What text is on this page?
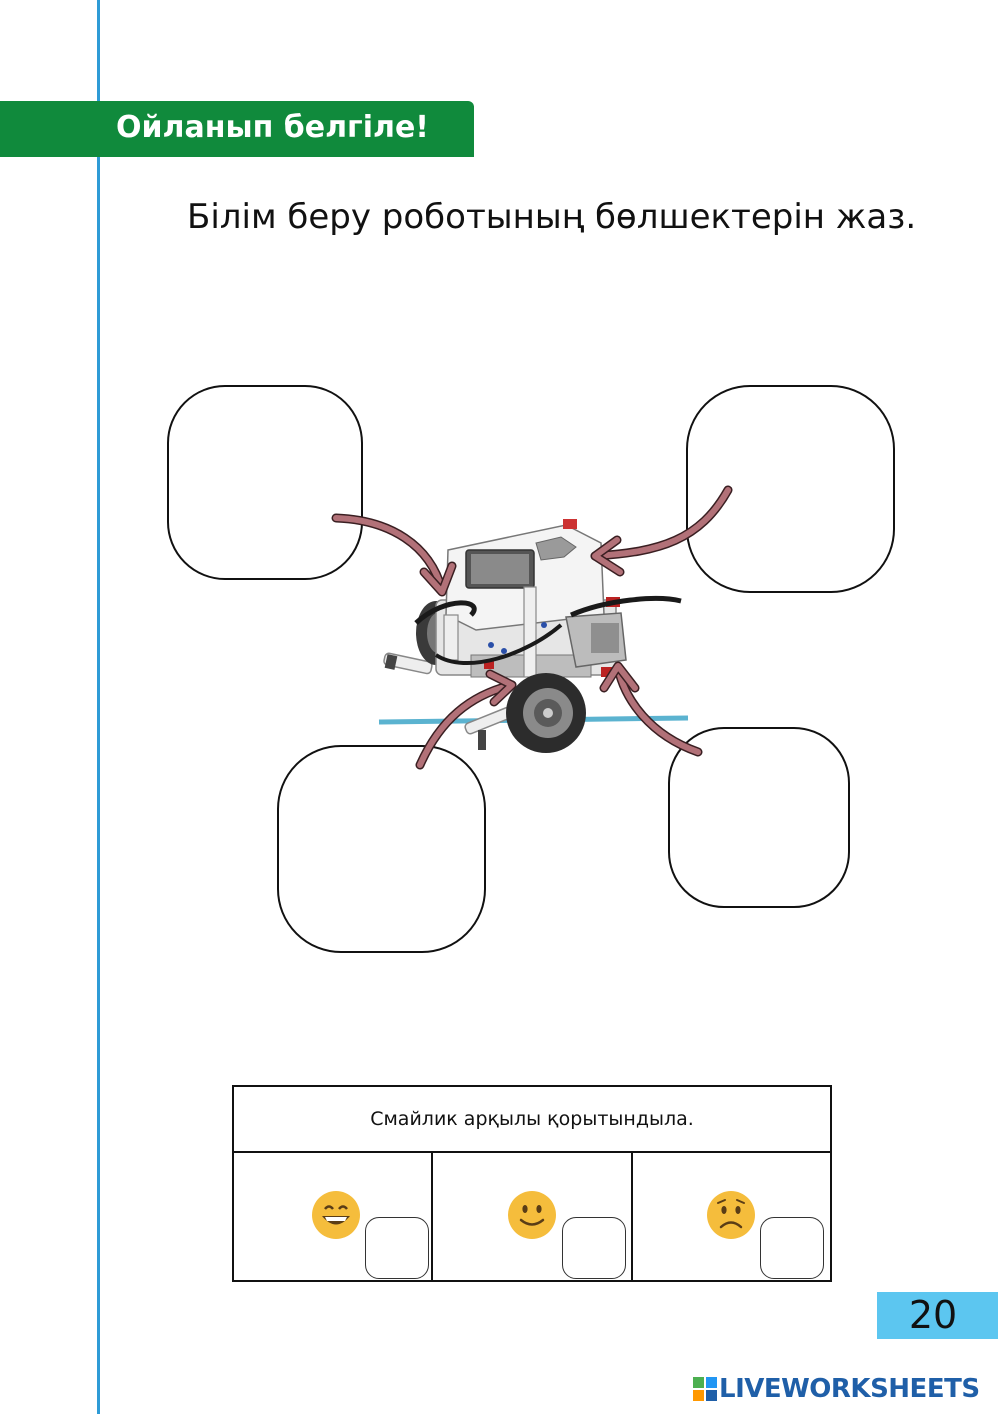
Ойланып белгіле!
Білім беру роботының бөлшектерін жаз.
Смайлик арқылы қорытындыла.
20
LIVEWORKSHEETS
